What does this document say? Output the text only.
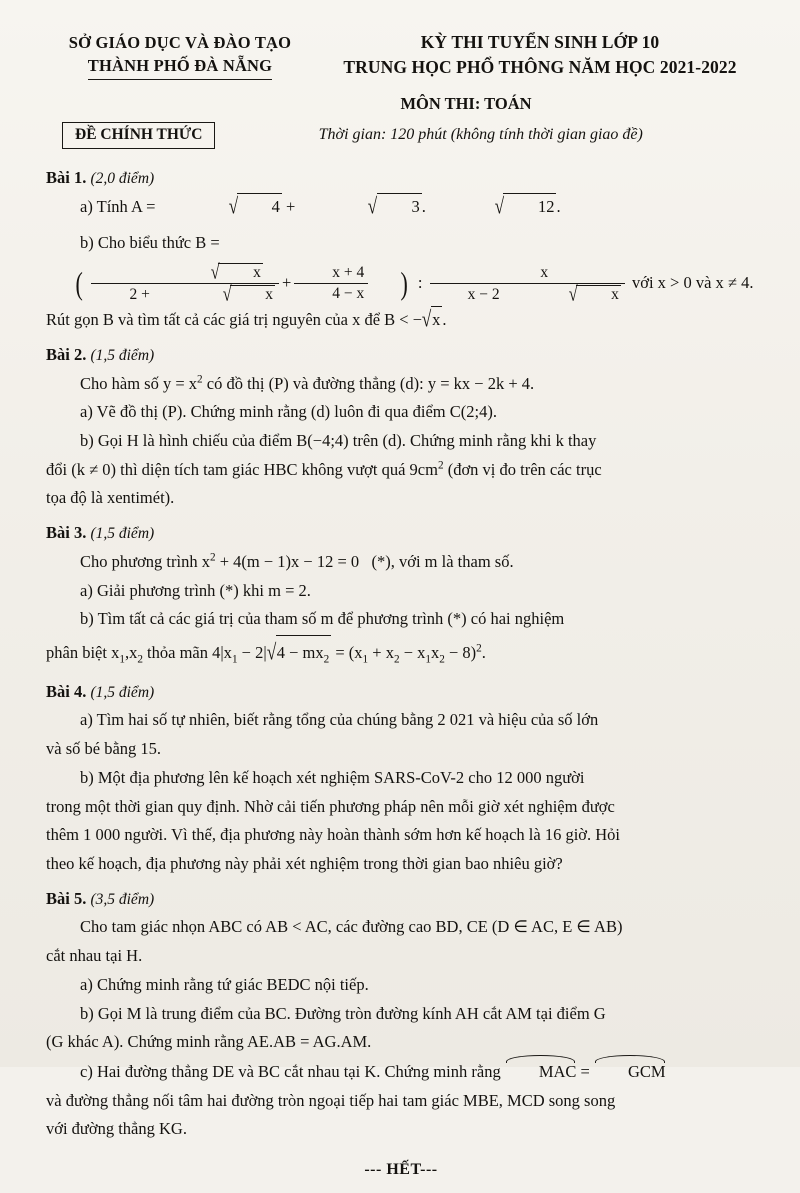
SỞ GIÁO DỤC VÀ ĐÀO TẠO
THÀNH PHỐ ĐÀ NẴNG
KỲ THI TUYỂN SINH LỚP 10
TRUNG HỌC PHỔ THÔNG NĂM HỌC 2021-2022
MÔN THI: TOÁN
ĐỀ CHÍNH THỨC	Thời gian: 120 phút (không tính thời gian giao đề)
Bài 1. (2,0 điểm)
a) Tính A =	√ 4 +	√ 3 .	√ 12 .
b) Cho biểu thức B = ( √ x
2 +	√ $x + \frac{x + 4}{4 - x}$ ) : x
x − 2	√ x với x > 0 và x ≠ 4.
Rút gọn B và tìm tất cả các giá trị nguyên của x để B < −√x .
Bài 2. (1,5 điểm)
Cho hàm số $y = x^2$ có đồ thị (P) và đường thẳng (d): y = kx − 2k + 4.
a) Vẽ đồ thị (P). Chứng minh rằng (d) luôn đi qua điểm C(2;4).
b) Gọi H là hình chiếu của điểm B(−4;4) trên (d). Chứng minh rằng khi k thay
đổi (k ≠ 0) thì diện tích tam giác HBC không vượt quá $9cm^2$ (đơn vị đo trên các trục
tọa độ là xentimét).
Bài 3. (1,5 điểm)
Cho phương trình $x^2 + 4(m - 1)x - 12 = 0$ (*), với m là tham số.
a) Giải phương trình (*) khi m = 2.
b) Tìm tất cả các giá trị của tham số m để phương trình (*) có hai nghiệm
phân biệt $x_1,x_2$ thỏa mãn $4|x_1 - 2|√4 - mx_2 = (x_1 + x_2 - x_1x_2 - 8)^2$.
Bài 4. (1,5 điểm)
a) Tìm hai số tự nhiên, biết rằng tổng của chúng bằng 2 021 và hiệu của số lớn
và số bé bằng 15.
b) Một địa phương lên kế hoạch xét nghiệm SARS-CoV-2 cho 12 000 người
trong một thời gian quy định. Nhờ cải tiến phương pháp nên mỗi giờ xét nghiệm được
thêm 1 000 người. Vì thế, địa phương này hoàn thành sớm hơn kế hoạch là 16 giờ. Hỏi
theo kế hoạch, địa phương này phải xét nghiệm trong thời gian bao nhiêu giờ?
Bài 5. (3,5 điểm)
Cho tam giác nhọn ABC có AB < AC, các đường cao BD, CE (D ∈ AC, E ∈ AB)
cắt nhau tại H.
a) Chứng minh rằng tứ giác BEDC nội tiếp.
b) Gọi M là trung điểm của BC. Đường tròn đường kính AH cắt AM tại điểm G
(G khác A). Chứng minh rằng AE.AB = AG.AM.
c) Hai đường thẳng DE và BC cắt nhau tại K. Chứng minh rằng MAC = GCM
và đường thẳng nối tâm hai đường tròn ngoại tiếp hai tam giác MBE, MCD song song
với đường thẳng KG.
--- HẾT---
